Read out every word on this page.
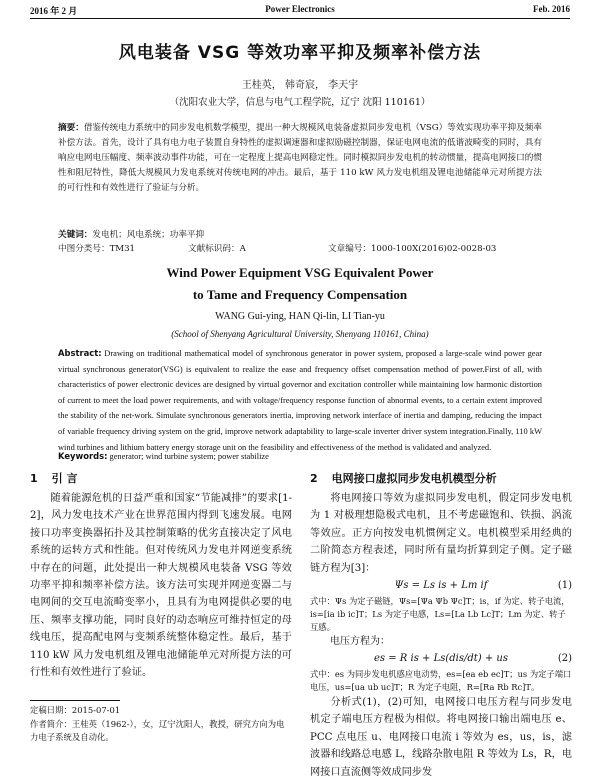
2016 年 2 月	Power Electronics	Feb. 2016
风电装备 VSG 等效功率平抑及频率补偿方法
王桂英， 韩奇宸， 李天宇
（沈阳农业大学，信息与电气工程学院，辽宁 沈阳 110161）
摘要：借鉴传统电力系统中的同步发电机数学模型，提出一种大规模风电装备虚拟同步发电机（VSG）等效实现功率平抑及频率补偿方法。首先，设计了具有电力电子装置自身特性的虚拟调速器和虚拟励磁控制器，保证电网电流的低谐波畸变的同时，具有响应电网电压幅度、频率波动事件功能，可在一定程度上提高电网稳定性。同时模拟同步发电机的转动惯量，提高电网接口的惯性和阻尼特性，降低大规模风力发电系统对传统电网的冲击。最后，基于 110 kW 风力发电机组及锂电池储能单元对所提方法的可行性和有效性进行了验证与分析。
关键词：发电机；风电系统；功率平抑
中图分类号：TM31	文献标识码：A	文章编号：1000-100X(2016)02-0028-03
Wind Power Equipment VSG Equivalent Power
to Tame and Frequency Compensation
WANG Gui-ying, HAN Qi-lin, LI Tian-yu
(School of Shenyang Agricultural University, Shenyang 110161, China)
Abstract: Drawing on traditional mathematical model of synchronous generator in power system, proposed a large-scale wind power gear virtual synchronous generator(VSG) is equivalent to realize the ease and frequency offset compensation method of power.First of all, with characteristics of power electronic devices are designed by virtual governor and excitation controller while maintaining low harmonic distortion of current to meet the load power requirements, and with voltage/frequency response function of abnormal events, to a certain extent improved the stability of the net-work. Simulate synchronous generators inertia, improving network interface of inertia and damping, reducing the impact of variable frequency driving system on the grid, improve network adaptability to large-scale inverter driver system integration.Finally, 110 kW wind turbines and lithium battery energy storage unit on the feasibility and effectiveness of the method is validated and analyzed.
Keywords: generator; wind turbine system; power stabilize
1 引 言

随着能源危机的日益严重和国家“节能减排”的要求[1-2]，风力发电技术产业在世界范围内得到飞速发展。电网接口功率变换器拓扑及其控制策略的优劣直接决定了风电系统的运转方式和性能。但对传统风力发电并网逆变系统中存在的问题，此处提出一种大规模风电装备 VSG 等效功率平抑和频率补偿方法。该方法可实现并网逆变器二与电网间的交互电流畸变率小，且具有为电网提供必要的电压、频率支撑功能，同时良好的动态响应可维持恒定的母线电压，提高配电网与变频系统整体稳定性。最后，基于 110 kW 风力发电机组及锂电池储能单元对所提方法的可行性和有效性进行了验证。

定稿日期：2015-07-01
作者简介：王桂英（1962-），女，辽宁沈阳人，教授，研究方向为电力电子系统及自动化。
2 电网接口虚拟同步发电机模型分析

将电网接口等效为虚拟同步发电机，假定同步发电机为 1 对极理想隐极式电机，且不考虑磁饱和、铁损、涡流等效应。正方向按发电机惯例定义。电机模型采用经典的二阶简态方程表述，同时所有量均折算到定子侧。定子磁链方程为[3]：

Ψs = Ls is + Lm if	(1)

式中：Ψs 为定子磁链，Ψs=[Ψa Ψb Ψc]T；is，if 为定、转子电流，is=[ia ib ic]T；Ls 为定子电感，Ls=[La Lb Lc]T；Lm 为定、转子互感。

电压方程为：

es = R is + Ls(dis/dt) + us	(2)

式中：es 为同步发电机感应电动势，es=[ea eb ec]T；us 为定子端口电压，us=[ua ub uc]T；R 为定子电阻，R=[Ra Rb Rc]T。

分析式(1)，(2)可知，电网接口电压方程与同步发电机定子端电压方程极为相似。将电网接口输出端电压 e、PCC 点电压 u、电网接口电流 i 等效为 es，us，is，滤波器和线路总电感 L，线路杂散电阻 R 等效为 Ls，R，电网接口直流侧等效成同步发
